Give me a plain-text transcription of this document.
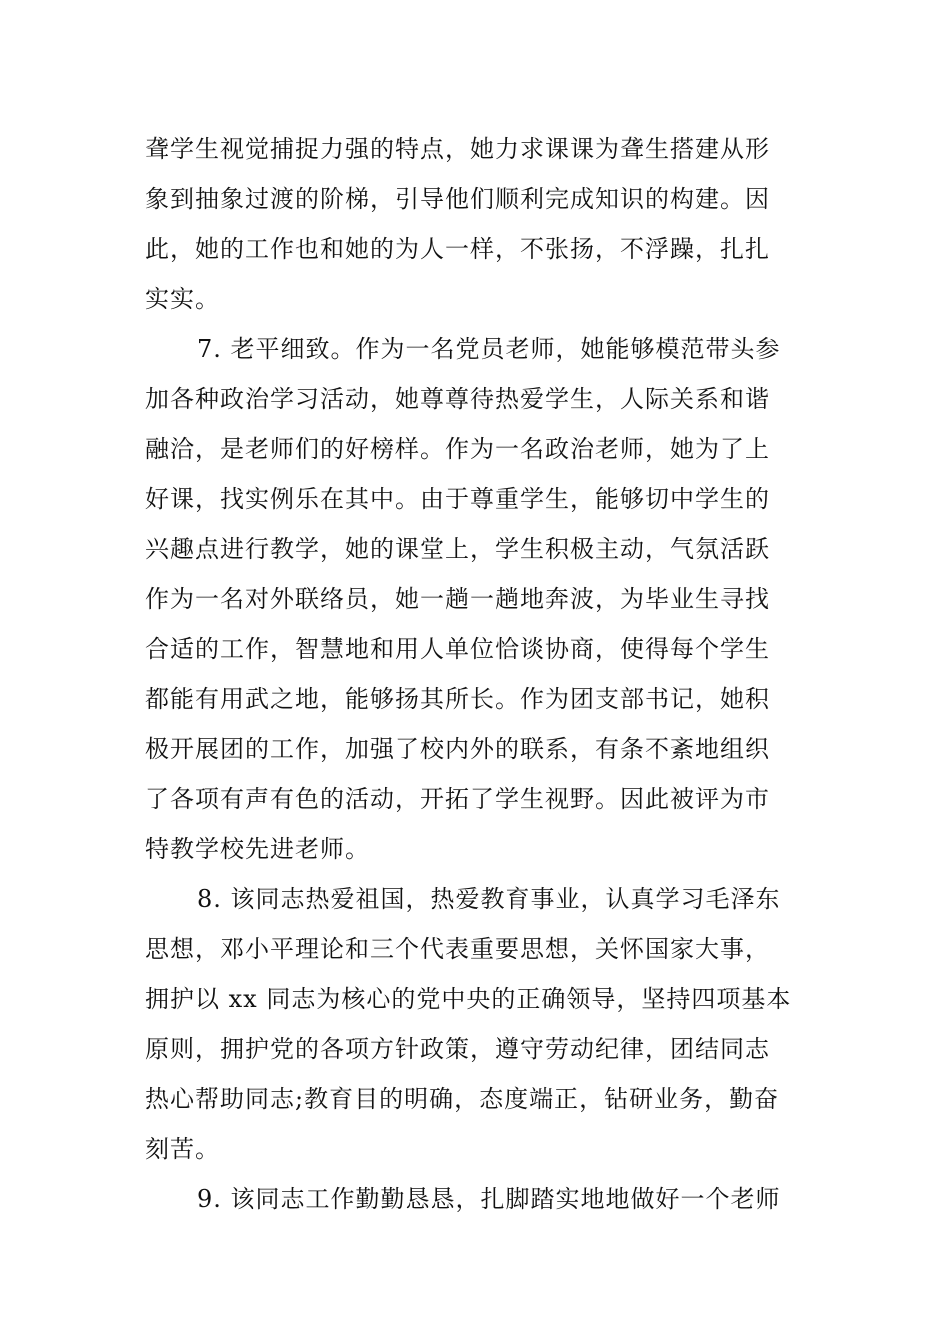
聋学生视觉捕捉力强的特点，她力求课课为聋生搭建从形
象到抽象过渡的阶梯，引导他们顺利完成知识的构建。因
此，她的工作也和她的为人一样，不张扬，不浮躁，扎扎
实实。
7. 老平细致。作为一名党员老师，她能够模范带头参
加各种政治学习活动，她尊尊待热爱学生，人际关系和谐
融洽，是老师们的好榜样。作为一名政治老师，她为了上
好课，找实例乐在其中。由于尊重学生，能够切中学生的
兴趣点进行教学，她的课堂上，学生积极主动，气氛活跃
作为一名对外联络员，她一趟一趟地奔波，为毕业生寻找
合适的工作，智慧地和用人单位恰谈协商，使得每个学生
都能有用武之地，能够扬其所长。作为团支部书记，她积
极开展团的工作，加强了校内外的联系，有条不紊地组织
了各项有声有色的活动，开拓了学生视野。因此被评为市
特教学校先进老师。
8. 该同志热爱祖国，热爱教育事业，认真学习毛泽东
思想，邓小平理论和三个代表重要思想，关怀国家大事，
拥护以 xx 同志为核心的党中央的正确领导，坚持四项基本
原则，拥护党的各项方针政策，遵守劳动纪律，团结同志
热心帮助同志;教育目的明确，态度端正，钻研业务，勤奋
刻苦。
9. 该同志工作勤勤恳恳，扎脚踏实地地做好一个老师
